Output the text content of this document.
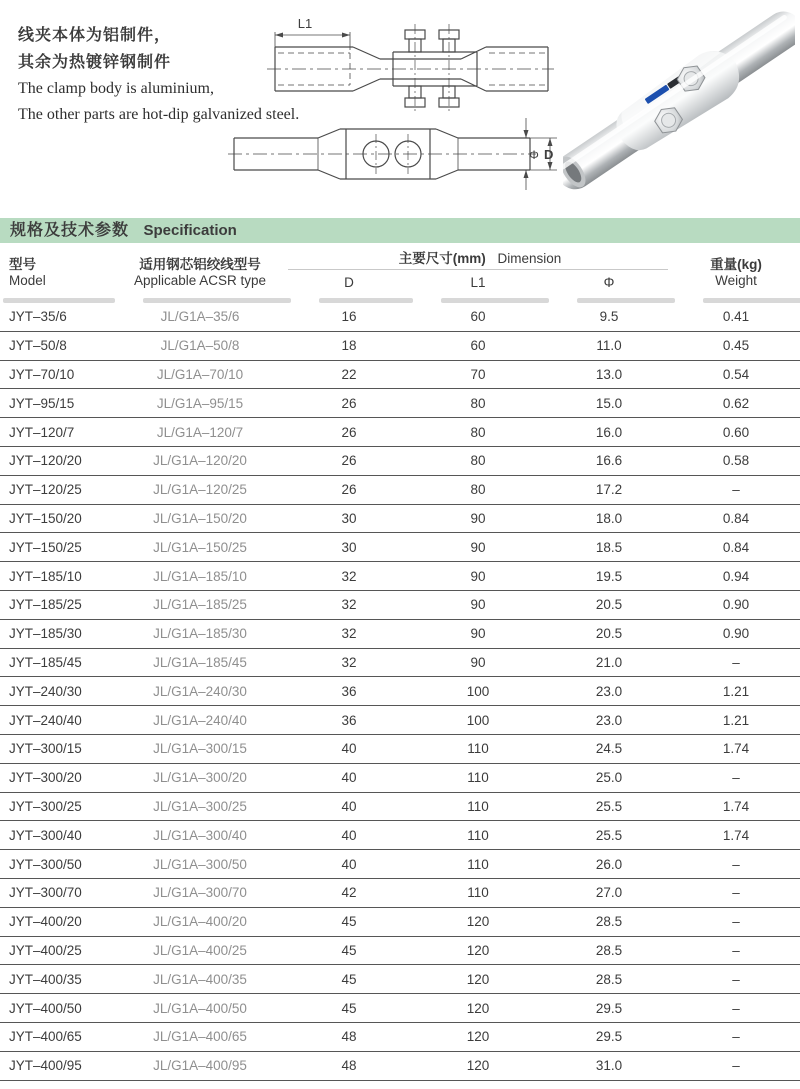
线夹本体为铝制件，

其余为热镀锌钢制件

The clamp body is aluminium,

The other parts are hot-dip galvanized steel.

L1
Φ D
规格及技术参数 Specification
型号
Model
适用钢芯铝绞线型号
Applicable ACSR type
主要尺寸(mm) Dimension
D	L1	Φ
重量(kg)
Weight
JYT–35/6	JL/G1A–35/6	16	60	9.5	0.41
JYT–50/8	JL/G1A–50/8	18	60	11.0	0.45
JYT–70/10	JL/G1A–70/10	22	70	13.0	0.54
JYT–95/15	JL/G1A–95/15	26	80	15.0	0.62
JYT–120/7	JL/G1A–120/7	26	80	16.0	0.60
JYT–120/20	JL/G1A–120/20	26	80	16.6	0.58
JYT–120/25	JL/G1A–120/25	26	80	17.2	–
JYT–150/20	JL/G1A–150/20	30	90	18.0	0.84
JYT–150/25	JL/G1A–150/25	30	90	18.5	0.84
JYT–185/10	JL/G1A–185/10	32	90	19.5	0.94
JYT–185/25	JL/G1A–185/25	32	90	20.5	0.90
JYT–185/30	JL/G1A–185/30	32	90	20.5	0.90
JYT–185/45	JL/G1A–185/45	32	90	21.0	–
JYT–240/30	JL/G1A–240/30	36	100	23.0	1.21
JYT–240/40	JL/G1A–240/40	36	100	23.0	1.21
JYT–300/15	JL/G1A–300/15	40	110	24.5	1.74
JYT–300/20	JL/G1A–300/20	40	110	25.0	–
JYT–300/25	JL/G1A–300/25	40	110	25.5	1.74
JYT–300/40	JL/G1A–300/40	40	110	25.5	1.74
JYT–300/50	JL/G1A–300/50	40	110	26.0	–
JYT–300/70	JL/G1A–300/70	42	110	27.0	–
JYT–400/20	JL/G1A–400/20	45	120	28.5	–
JYT–400/25	JL/G1A–400/25	45	120	28.5	–
JYT–400/35	JL/G1A–400/35	45	120	28.5	–
JYT–400/50	JL/G1A–400/50	45	120	29.5	–
JYT–400/65	JL/G1A–400/65	48	120	29.5	–
JYT–400/95	JL/G1A–400/95	48	120	31.0	–
